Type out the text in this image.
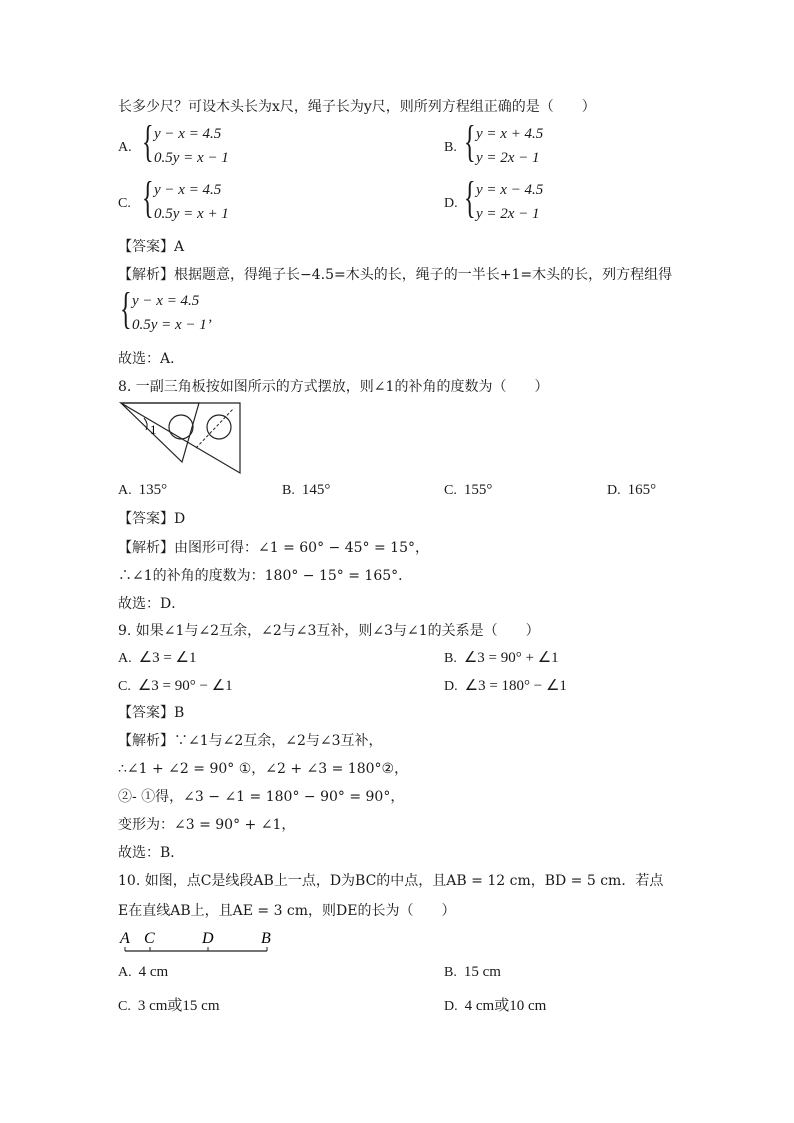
长多少尺？可设木头长为x尺，绳子长为y尺，则所列方程组正确的是（　　）
A. { y − x = 4.5
0.5y = x − 1
B. { y = x + 4.5
y = 2x − 1
C. { y − x = 4.5
0.5y = x + 1
D. { y = x − 4.5
y = 2x − 1
【答案】A
【解析】根据题意，得绳子长−4.5=木头的长，绳子的一半长+1=木头的长，列方程组得
{ y − x = 4.5
0.5y = x − 1’
故选：A．
8. 一副三角板按如图所示的方式摆放，则∠1的补角的度数为（　　）
1
A. 135°	B. 145°	C. 155°	D. 165°
【答案】D
【解析】由图形可得：∠1 = 60° − 45° = 15°，
∴∠1的补角的度数为：180° − 15° = 165°．
故选：D．
9. 如果∠1与∠2互余，∠2与∠3互补，则∠3与∠1的关系是（　　）
A. ∠3 = ∠1	B. ∠3 = 90° + ∠1
C. ∠3 = 90° − ∠1	D. ∠3 = 180° − ∠1
【答案】B
【解析】∵∠1与∠2互余，∠2与∠3互补，
∴∠1 + ∠2 = 90° ①，∠2 + ∠3 = 180°②，
②- ①得，∠3 − ∠1 = 180° − 90° = 90°，
变形为：∠3 = 90° + ∠1，
故选：B．
10. 如图，点C是线段AB上一点，D为BC的中点，且AB = 12 cm，BD = 5 cm．若点
E在直线AB上，且AE = 3 cm，则DE的长为（　　）
A C	D	B
A. 4 cm	B. 15 cm
C. 3 cm或15 cm	D. 4 cm或10 cm
